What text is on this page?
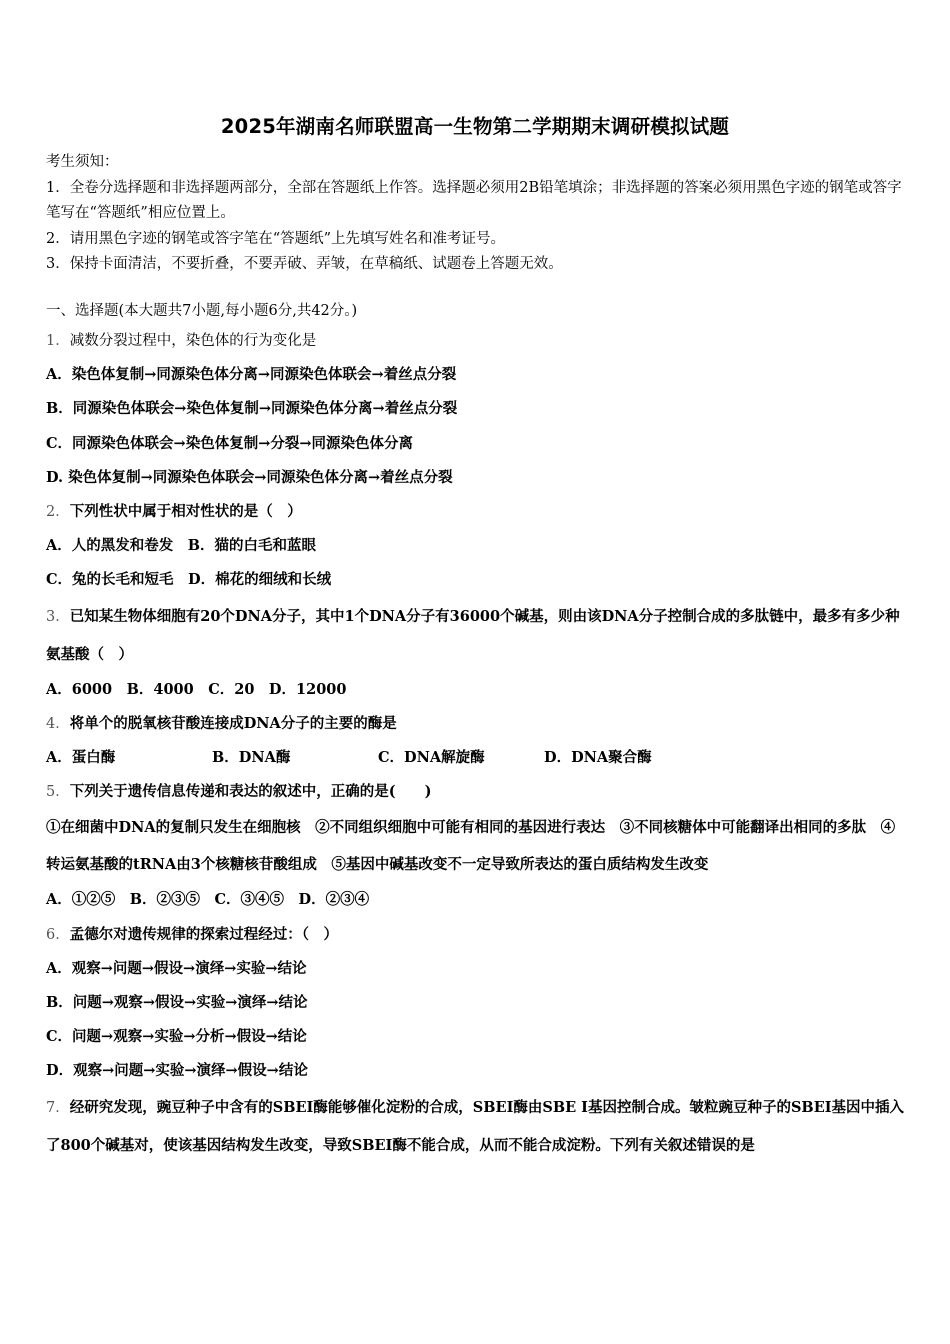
2025年湖南名师联盟高一生物第二学期期末调研模拟试题

考生须知：

1．全卷分选择题和非选择题两部分，全部在答题纸上作答。选择题必须用2B铅笔填涂；非选择题的答案必须用黑色字迹的钢笔或答字笔写在“答题纸”相应位置上。

2．请用黑色字迹的钢笔或答字笔在“答题纸”上先填写姓名和准考证号。

3．保持卡面清洁，不要折叠，不要弄破、弄皱，在草稿纸、试题卷上答题无效。

一、选择题(本大题共7小题,每小题6分,共42分。)

1．减数分裂过程中，染色体的行为变化是

A．染色体复制→同源染色体分离→同源染色体联会→着丝点分裂

B．同源染色体联会→染色体复制→同源染色体分离→着丝点分裂

C．同源染色体联会→染色体复制→分裂→同源染色体分离

D. 染色体复制→同源染色体联会→同源染色体分离→着丝点分裂

2．下列性状中属于相对性状的是（　）

A．人的黑发和卷发　B．猫的白毛和蓝眼

C．兔的长毛和短毛　D．棉花的细绒和长绒

3．已知某生物体细胞有20个DNA分子，其中1个DNA分子有36000个碱基，则由该DNA分子控制合成的多肽链中，最多有多少种氨基酸（　）

A．6000　B．4000　C．20　D．12000

4．将单个的脱氧核苷酸连接成DNA分子的主要的酶是

A．蛋白酶	B．DNA酶	C．DNA解旋酶	D．DNA聚合酶

5．下列关于遗传信息传递和表达的叙述中，正确的是(　　)

①在细菌中DNA的复制只发生在细胞核　②不同组织细胞中可能有相同的基因进行表达　③不同核糖体中可能翻译出相同的多肽　④转运氨基酸的tRNA由3个核糖核苷酸组成　⑤基因中碱基改变不一定导致所表达的蛋白质结构发生改变

A．①②⑤　B．②③⑤　C．③④⑤　D．②③④

6．孟德尔对遗传规律的探索过程经过：（　）

A．观察→问题→假设→演绎→实验→结论

B．问题→观察→假设→实验→演绎→结论

C．问题→观察→实验→分析→假设→结论

D．观察→问题→实验→演绎→假设→结论

7．经研究发现，豌豆种子中含有的SBEI酶能够催化淀粉的合成，SBEI酶由SBE I基因控制合成。皱粒豌豆种子的SBEI基因中插入了800个碱基对，使该基因结构发生改变，导致SBEI酶不能合成，从而不能合成淀粉。下列有关叙述错误的是
